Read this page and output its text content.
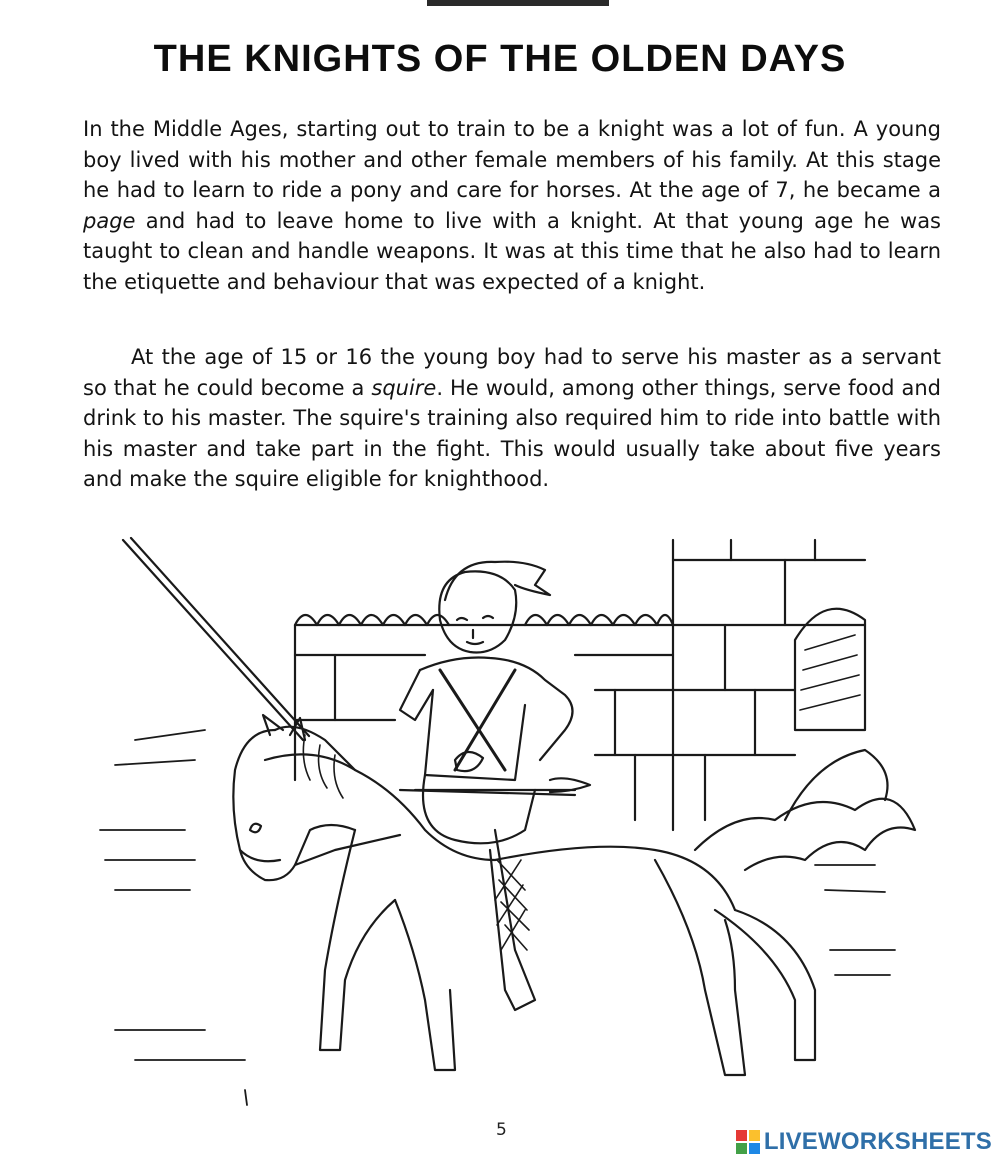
THE KNIGHTS OF THE OLDEN DAYS

In the Middle Ages, starting out to train to be a knight was a lot of fun. A young boy lived with his mother and other female members of his family. At this stage he had to learn to ride a pony and care for horses. At the age of 7, he became a page and had to leave home to live with a knight. At that young age he was taught to clean and handle weapons. It was at this time that he also had to learn the etiquette and behaviour that was expected of a knight.

At the age of 15 or 16 the young boy had to serve his master as a servant so that he could become a squire. He would, among other things, serve food and drink to his master. The squire's training also required him to ride into battle with his master and take part in the fight. This would usually take about five years and make the squire eligible for knighthood.

5	LIVEWORKSHEETS
